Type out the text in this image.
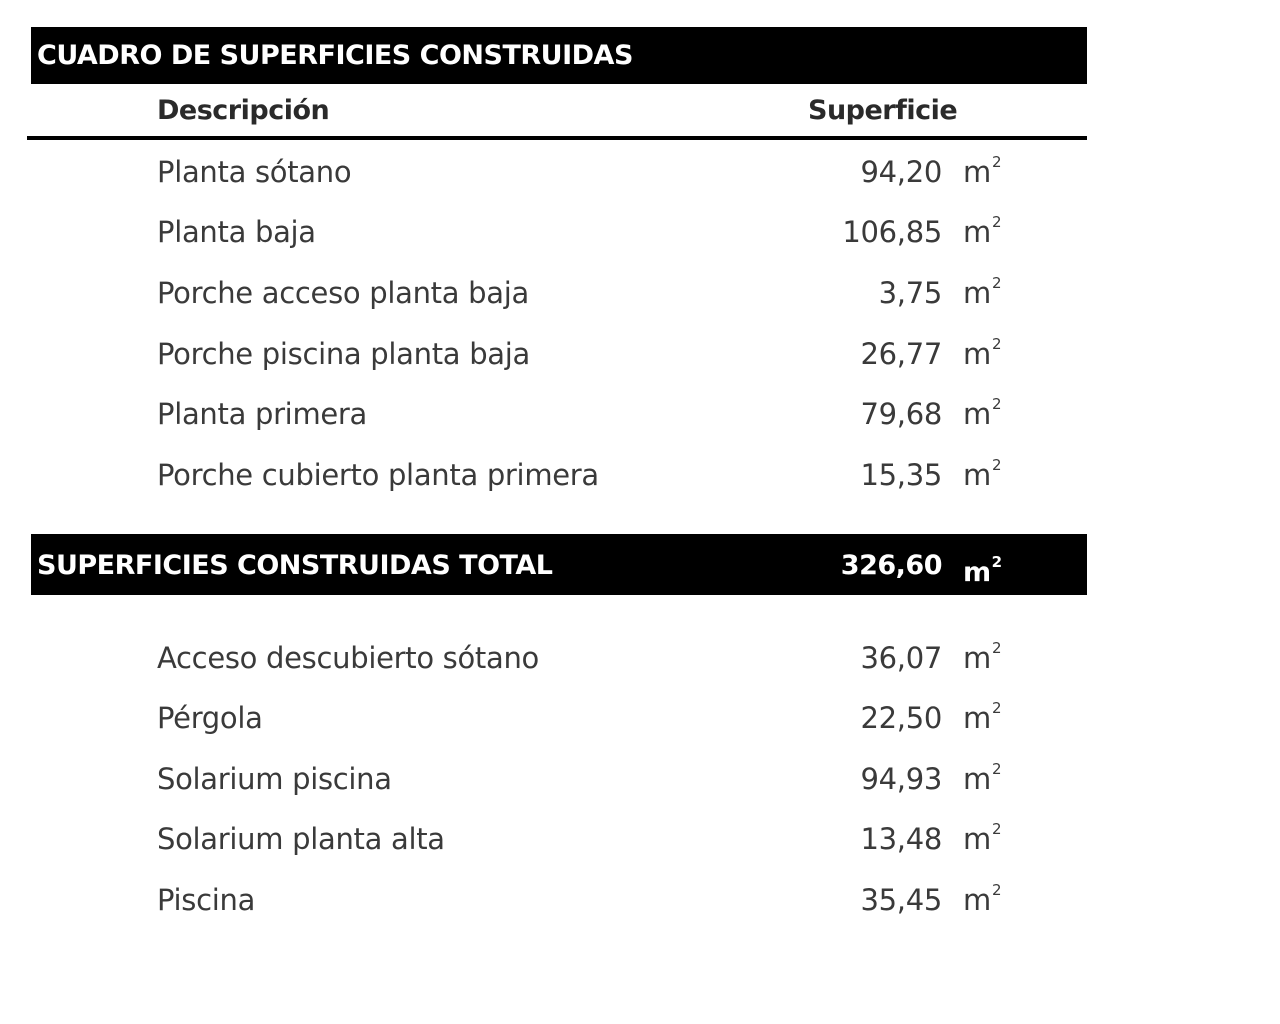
CUADRO DE SUPERFICIES CONSTRUIDAS
Descripción	Superficie
Planta sótano	94,20 $m^2$
Planta baja	106,85 $m^2$
Porche acceso planta baja	3,75 $m^2$
Porche piscina planta baja	26,77 $m^2$
Planta primera	79,68 $m^2$
Porche cubierto planta primera	15,35 $m^2$
SUPERFICIES CONSTRUIDAS TOTAL	326,60 $m^2$
Acceso descubierto sótano	36,07 $m^2$
Pérgola	22,50 $m^2$
Solarium piscina	94,93 $m^2$
Solarium planta alta	13,48 $m^2$
Piscina	35,45 $m^2$
